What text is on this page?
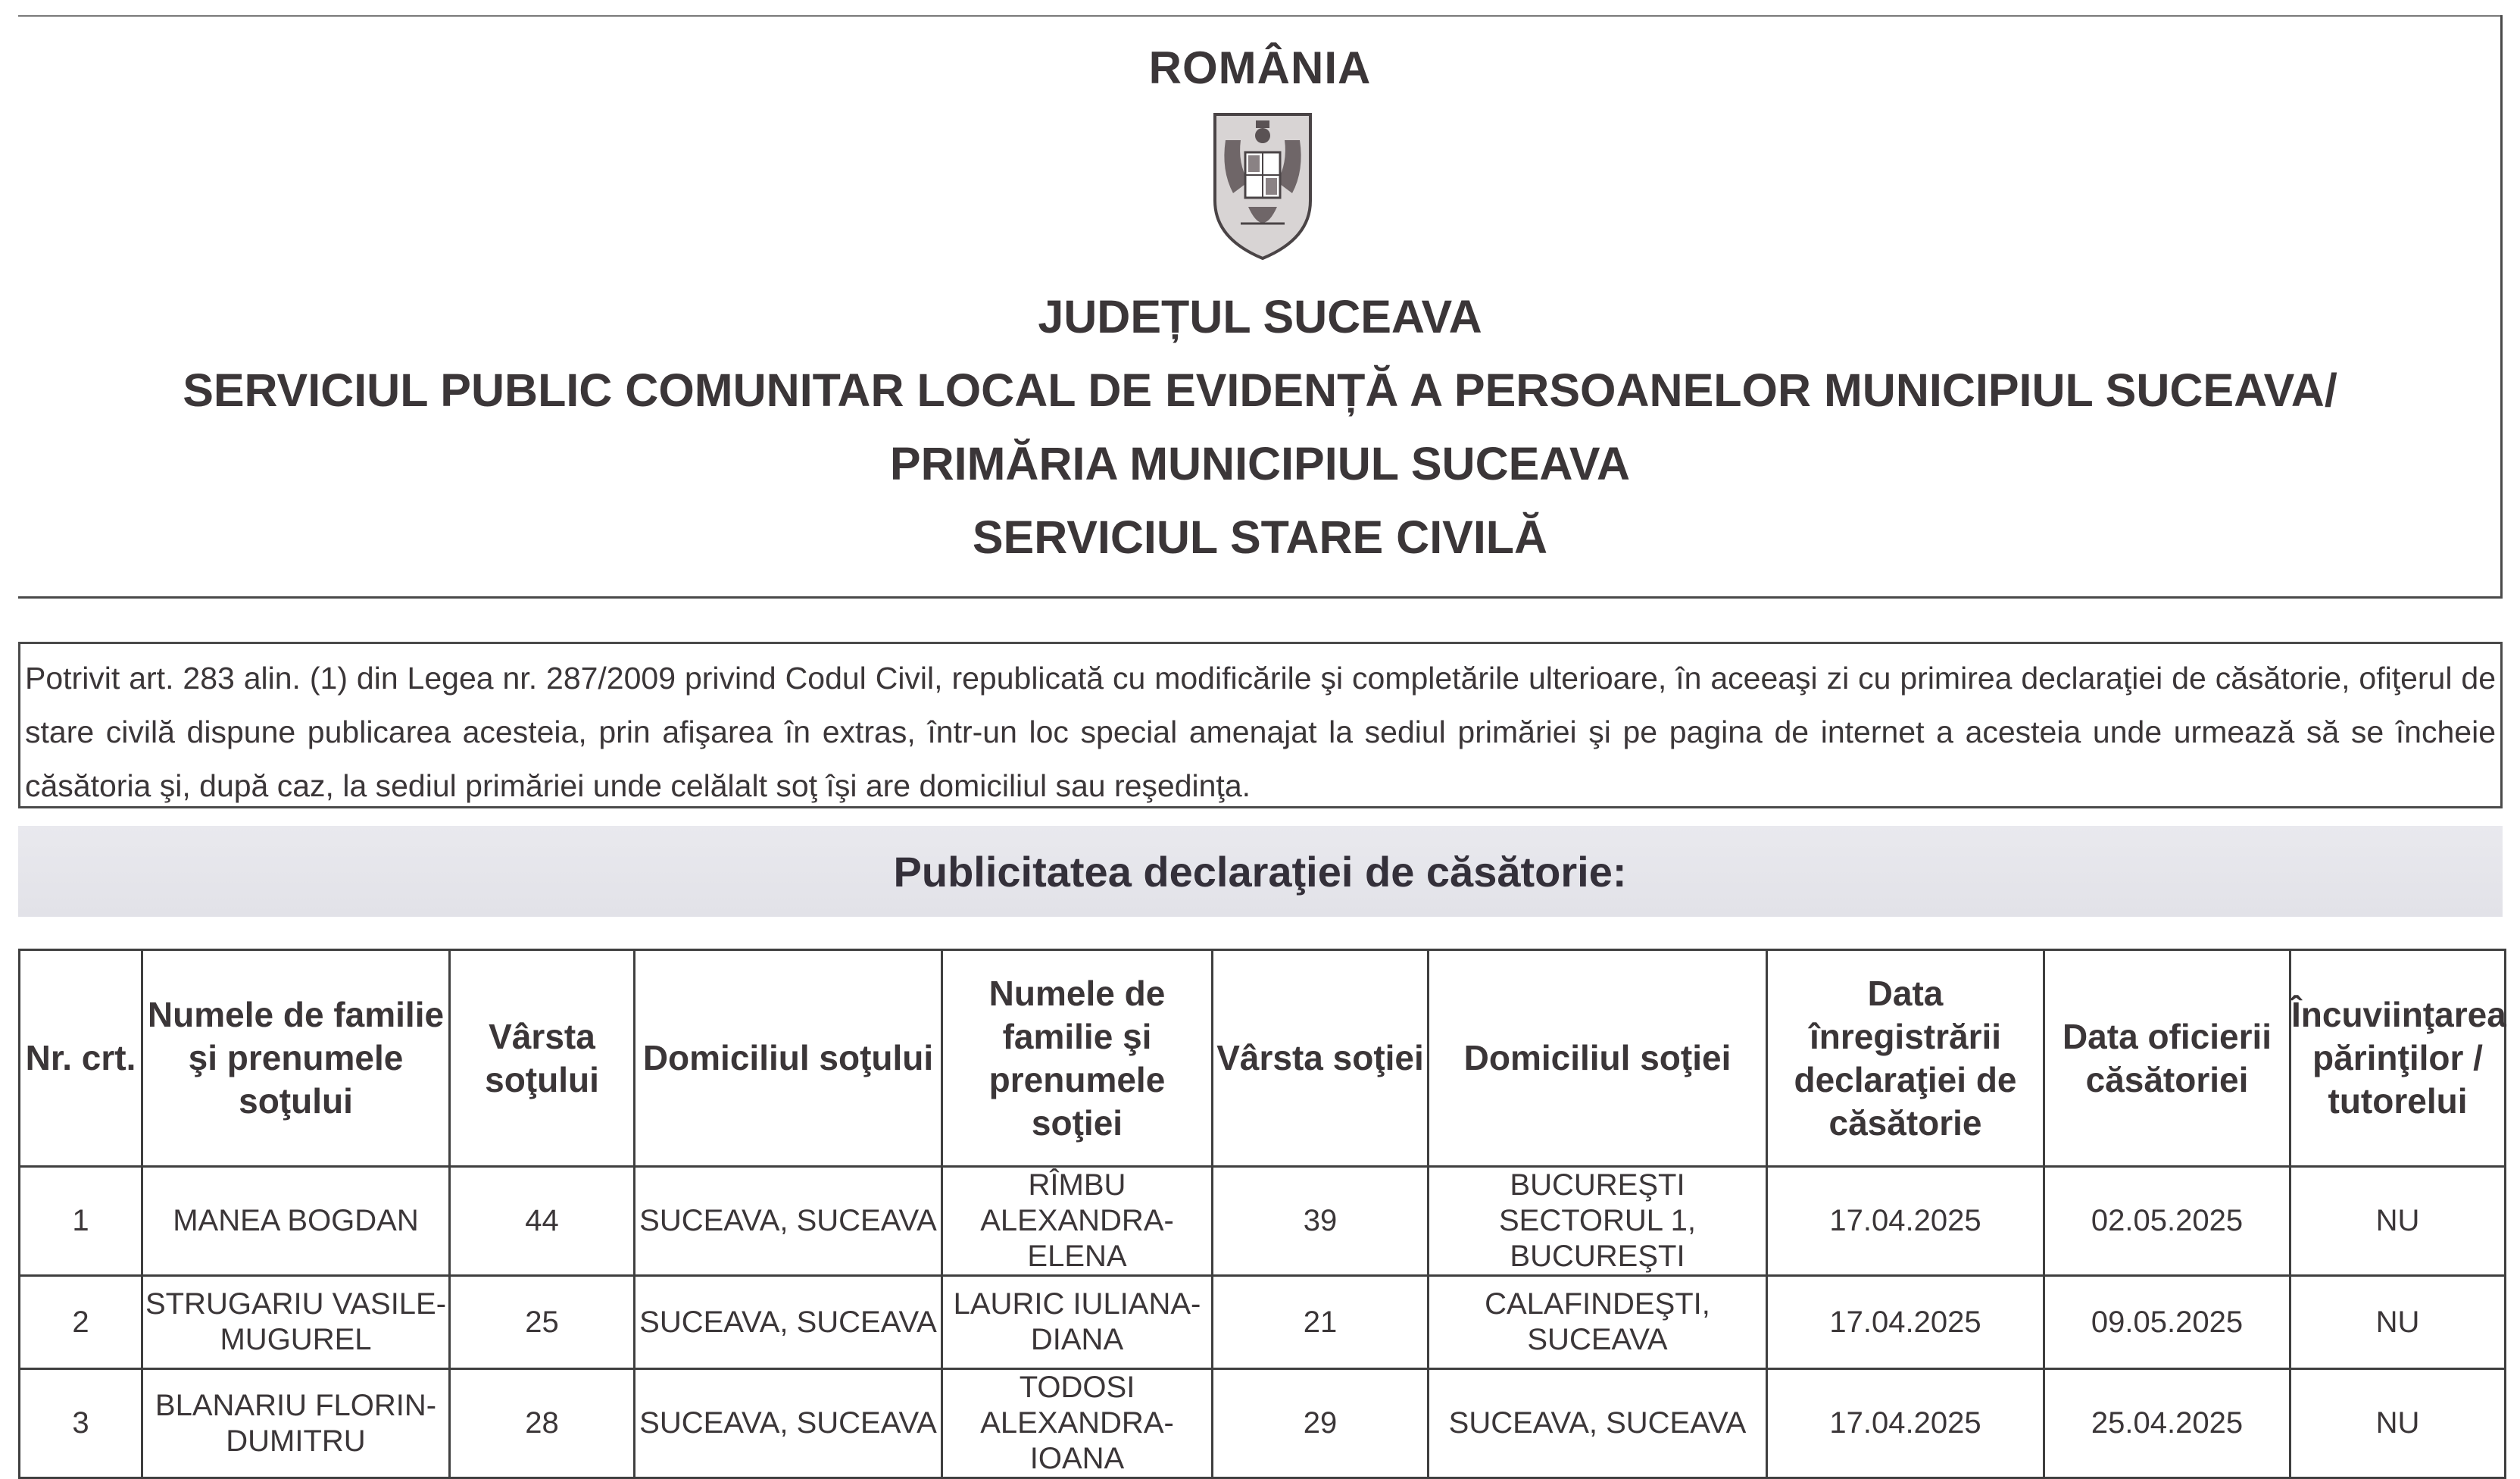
ROMÂNIA
JUDEȚUL SUCEAVA
SERVICIUL PUBLIC COMUNITAR LOCAL DE EVIDENȚĂ A PERSOANELOR MUNICIPIUL SUCEAVA/
PRIMĂRIA MUNICIPIUL SUCEAVA
SERVICIUL STARE CIVILĂ
Potrivit art. 283 alin. (1) din Legea nr. 287/2009 privind Codul Civil, republicată cu modificările şi completările ulterioare, în aceeaşi zi cu primirea declaraţiei de căsătorie, ofiţerul de stare civilă dispune publicarea acesteia, prin afişarea în extras, într-un loc special amenajat la sediul primăriei şi pe pagina de internet a acesteia unde urmează să se încheie căsătoria şi, după caz, la sediul primăriei unde celălalt soţ îşi are domiciliul sau reşedinţa.
Publicitatea declaraţiei de căsătorie:
Nr. crt.	Numele de familie şi prenumele soţului	Vârsta soţului	Domiciliul soţului	Numele de familie şi prenumele soţiei	Vârsta soţiei	Domiciliul soţiei	Data înregistrării declaraţiei de căsătorie	Data oficierii căsătoriei	Încuviinţarea părinţilor / tutorelui
1	MANEA BOGDAN	44	SUCEAVA, SUCEAVA	RÎMBU ALEXANDRA-ELENA	39	BUCUREŞTI SECTORUL 1, BUCUREŞTI	17.04.2025	02.05.2025	NU
2	STRUGARIU VASILE-MUGUREL	25	SUCEAVA, SUCEAVA	LAURIC IULIANA-DIANA	21	CALAFINDEŞTI, SUCEAVA	17.04.2025	09.05.2025	NU
3	BLANARIU FLORIN-DUMITRU	28	SUCEAVA, SUCEAVA	TODOSI ALEXANDRA-IOANA	29	SUCEAVA, SUCEAVA	17.04.2025	25.04.2025	NU
